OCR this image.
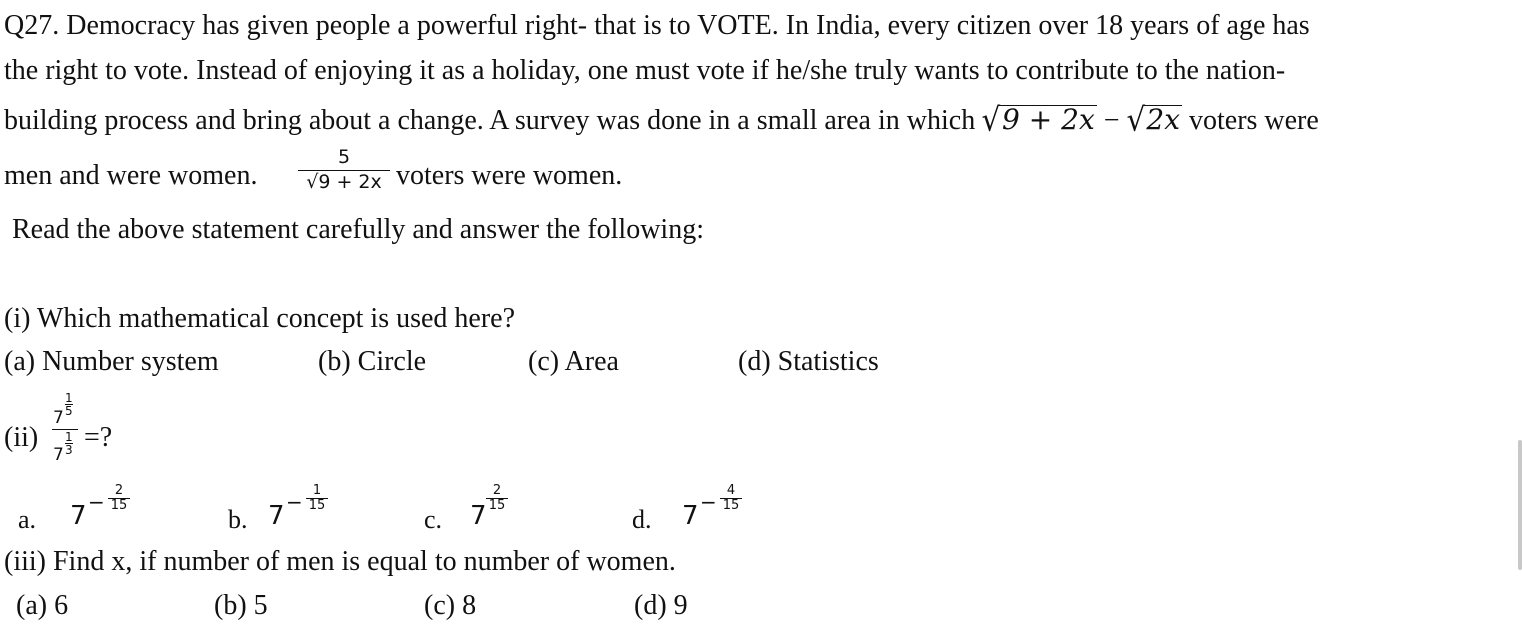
Q27. Democracy has given people a powerful right- that is to VOTE. In India, every citizen over 18 years of age has
the right to vote. Instead of enjoying it as a holiday, one must vote if he/she truly wants to contribute to the nation-
building process and bring about a change. A survey was done in a small area in which √9 + 2x − √2x voters were
men and were women.
5
√9 + 2x voters were women.
Read the above statement carefully and answer the following:
(i) Which mathematical concept is used here?
(a) Number system	(b) Circle	(c) Area	(d) Statistics
(ii)
7
1
5
7
1
3 =?
a. 7 − 2
15	b. 7 − 1
15	c. 7
2
15	d. 7 − 4
15
(iii) Find x, if number of men is equal to number of women.
(a) 6	(b) 5	(c) 8	(d) 9
